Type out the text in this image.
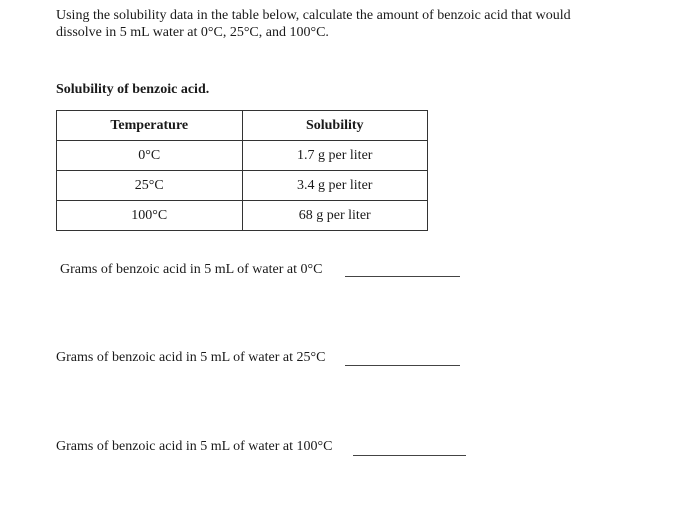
Using the solubility data in the table below, calculate the amount of benzoic acid that would
dissolve in 5 mL water at 0°C, 25°C, and 100°C.
Solubility of benzoic acid.
Temperature	Solubility
0°C	1.7 g per liter
25°C	3.4 g per liter
100°C	68 g per liter
Grams of benzoic acid in 5 mL of water at 0°C
Grams of benzoic acid in 5 mL of water at 25°C
Grams of benzoic acid in 5 mL of water at 100°C
